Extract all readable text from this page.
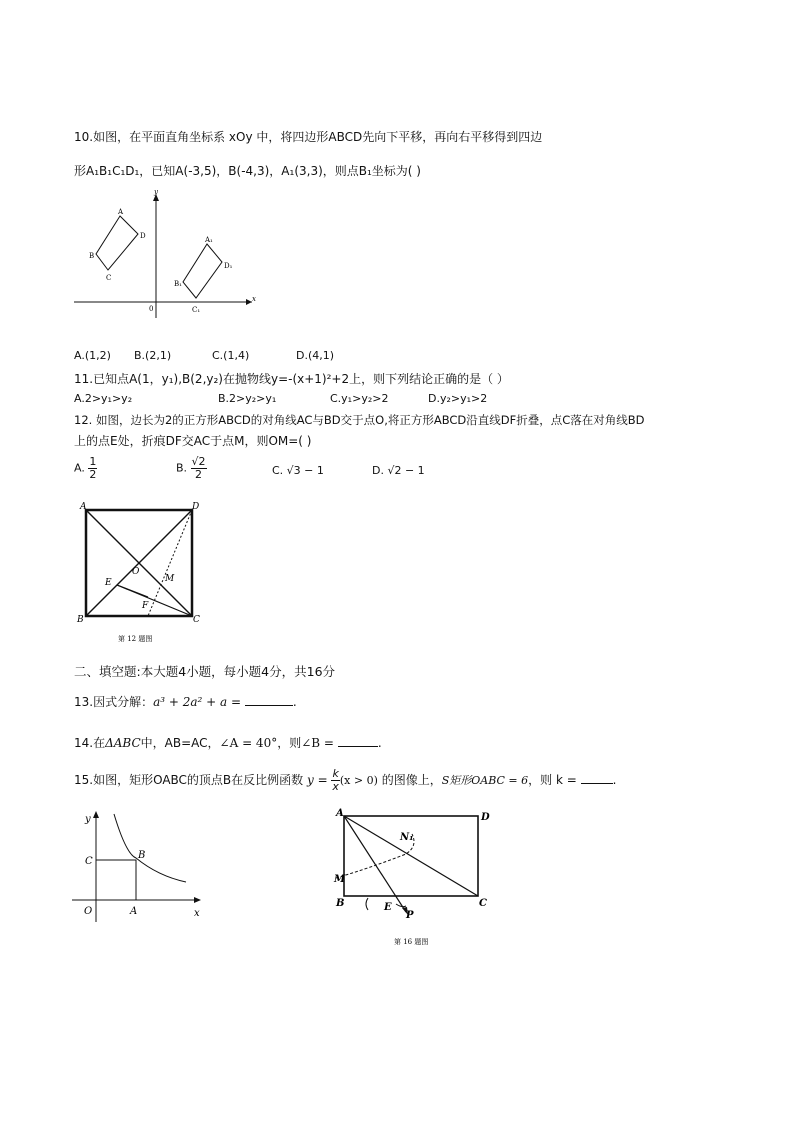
10.如图，在平面直角坐标系 xOy 中，将四边形ABCD先向下平移，再向右平移得到四边
形A₁B₁C₁D₁，已知A(-3,5)，B(-4,3)，A₁(3,3)，则点B₁坐标为( )
y
x
0
A
D
B
C
A₁
D₁
B₁
C₁
A.(1,2) B.(2,1)	C.(1,4)	D.(4,1)
11.已知点A(1，y₁),B(2,y₂)在抛物线y=-(x+1)²+2上，则下列结论正确的是（ ）
A.2>y₁>y₂	B.2>y₂>y₁	C.y₁>y₂>2	D.y₂>y₁>2
12. 如图，边长为2的正方形ABCD的对角线AC与BD交于点O,将正方形ABCD沿直线DF折叠，点C落在对角线BD
上的点E处，折痕DF交AC于点M，则OM=( )
A. $\frac{1}{2}$	B. $\frac{√2}{2}$	C. √3 − 1	D. √2 − 1
A	D
B	C
E
F
O
M
第 12 题图
二、填空题:本大题4小题，每小题4分，共16分
13.因式分解：a³ + 2a² + a =	.
14.在ΔABC中，AB=AC，∠A = 40°，则∠B =	.
15.如图，矩形OABC的顶点B在反比例函数 $y = \frac{k}{x} (x > 0)$ 的图像上，S矩形OABC = 6，则 k =	.
y
x
O
C
B
A
A	D
B	C
M
N₁
E
P
第 16 题图
